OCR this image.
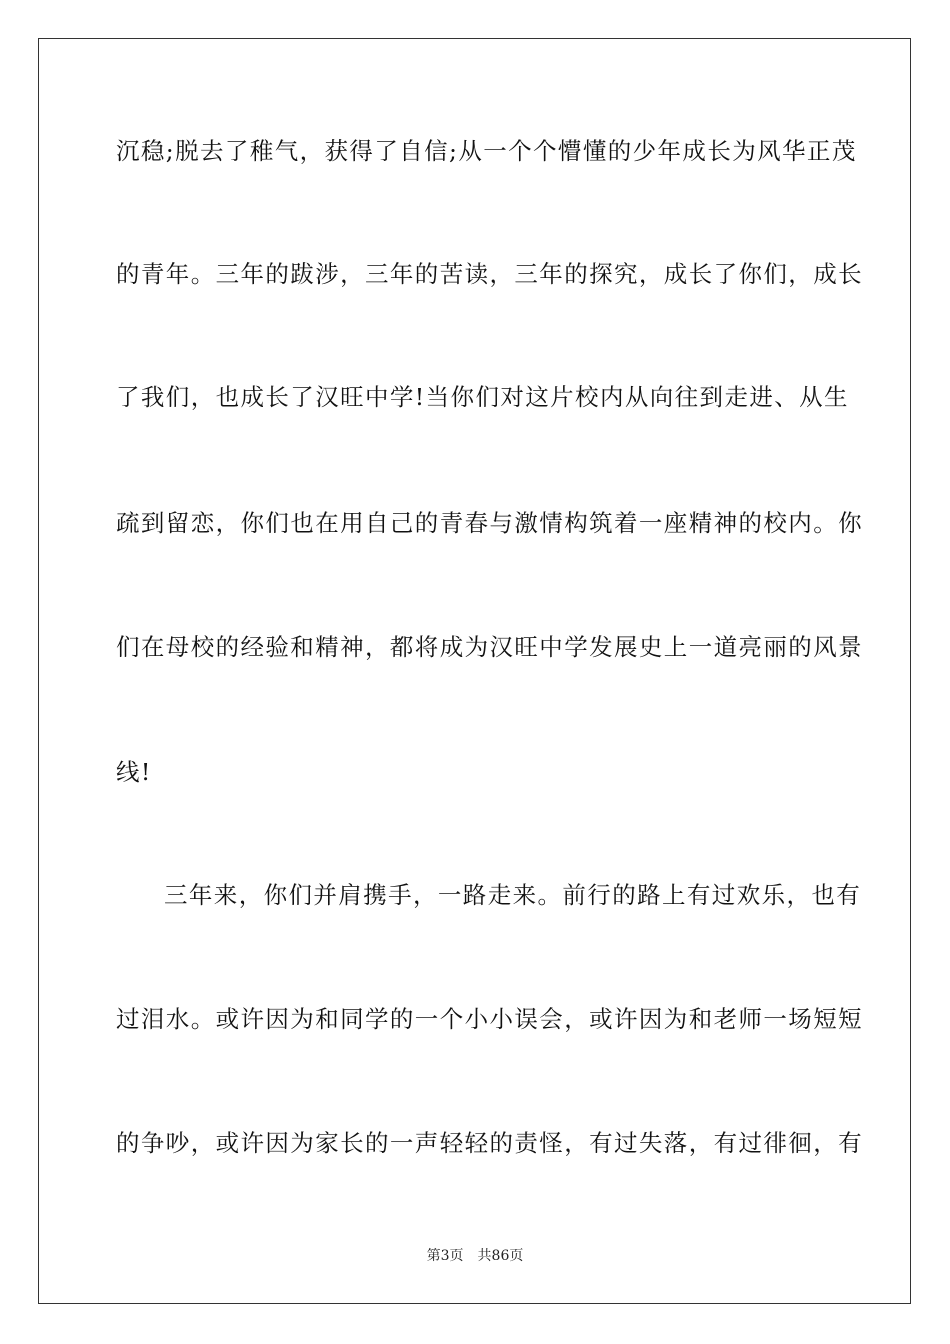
沉稳;脱去了稚气，获得了自信;从一个个懵懂的少年成长为风华正茂
的青年。三年的跋涉，三年的苦读，三年的探究，成长了你们，成长
了我们，也成长了汉旺中学!当你们对这片校内从向往到走进、从生
疏到留恋，你们也在用自己的青春与激情构筑着一座精神的校内。你
们在母校的经验和精神，都将成为汉旺中学发展史上一道亮丽的风景
线!
三年来，你们并肩携手，一路走来。前行的路上有过欢乐，也有
过泪水。或许因为和同学的一个小小误会，或许因为和老师一场短短
的争吵，或许因为家长的一声轻轻的责怪，有过失落，有过徘徊，有
第3页 共86页
